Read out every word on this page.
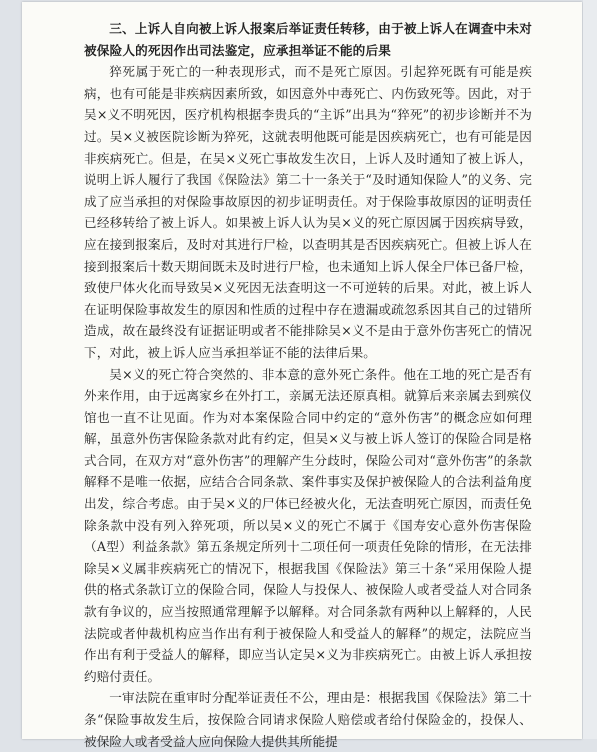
三、上诉人自向被上诉人报案后举证责任转移，由于被上诉人在调查中未对被保险人的死因作出司法鉴定，应承担举证不能的后果

猝死属于死亡的一种表现形式，而不是死亡原因。引起猝死既有可能是疾病，也有可能是非疾病因素所致，如因意外中毒死亡、内伤致死等。因此，对于吴×义不明死因，医疗机构根据李贵兵的“主诉”出具为“猝死”的初步诊断并不为过。吴×义被医院诊断为猝死，这就表明他既可能是因疾病死亡，也有可能是因非疾病死亡。但是，在吴×义死亡事故发生次日，上诉人及时通知了被上诉人，说明上诉人履行了我国《保险法》第二十一条关于“及时通知保险人”的义务、完成了应当承担的对保险事故原因的初步证明责任。对于保险事故原因的证明责任已经移转给了被上诉人。如果被上诉人认为吴×义的死亡原因属于因疾病导致，应在接到报案后，及时对其进行尸检，以查明其是否因疾病死亡。但被上诉人在接到报案后十数天期间既未及时进行尸检，也未通知上诉人保全尸体已备尸检，致使尸体火化而导致吴×义死因无法查明这一不可逆转的后果。对此，被上诉人在证明保险事故发生的原因和性质的过程中存在遗漏或疏忽系因其自己的过错所造成，故在最终没有证据证明或者不能排除吴×义不是由于意外伤害死亡的情况下，对此，被上诉人应当承担举证不能的法律后果。

吴×义的死亡符合突然的、非本意的意外死亡条件。他在工地的死亡是否有外来作用，由于远离家乡在外打工，亲属无法还原真相。就算后来亲属去到殡仪馆也一直不让见面。作为对本案保险合同中约定的“意外伤害”的概念应如何理解，虽意外伤害保险条款对此有约定，但吴×义与被上诉人签订的保险合同是格式合同，在双方对“意外伤害”的理解产生分歧时，保险公司对“意外伤害”的条款解释不是唯一依据，应结合合同条款、案件事实及保护被保险人的合法利益角度出发，综合考虑。由于吴×义的尸体已经被火化，无法查明死亡原因，而责任免除条款中没有列入猝死项，所以吴×义的死亡不属于《国寿安心意外伤害保险（A型）利益条款》第五条规定所列十二项任何一项责任免除的情形，在无法排除吴×义属非疾病死亡的情况下，根据我国《保险法》第三十条“采用保险人提供的格式条款订立的保险合同，保险人与投保人、被保险人或者受益人对合同条款有争议的，应当按照通常理解予以解释。对合同条款有两种以上解释的，人民法院或者仲裁机构应当作出有利于被保险人和受益人的解释”的规定，法院应当作出有利于受益人的解释，即应当认定吴×义为非疾病死亡。由被上诉人承担按约赔付责任。

一审法院在重审时分配举证责任不公，理由是：根据我国《保险法》第二十条“保险事故发生后，按保险合同请求保险人赔偿或者给付保险金的，投保人、被保险人或者受益人应向保险人提供其所能提
